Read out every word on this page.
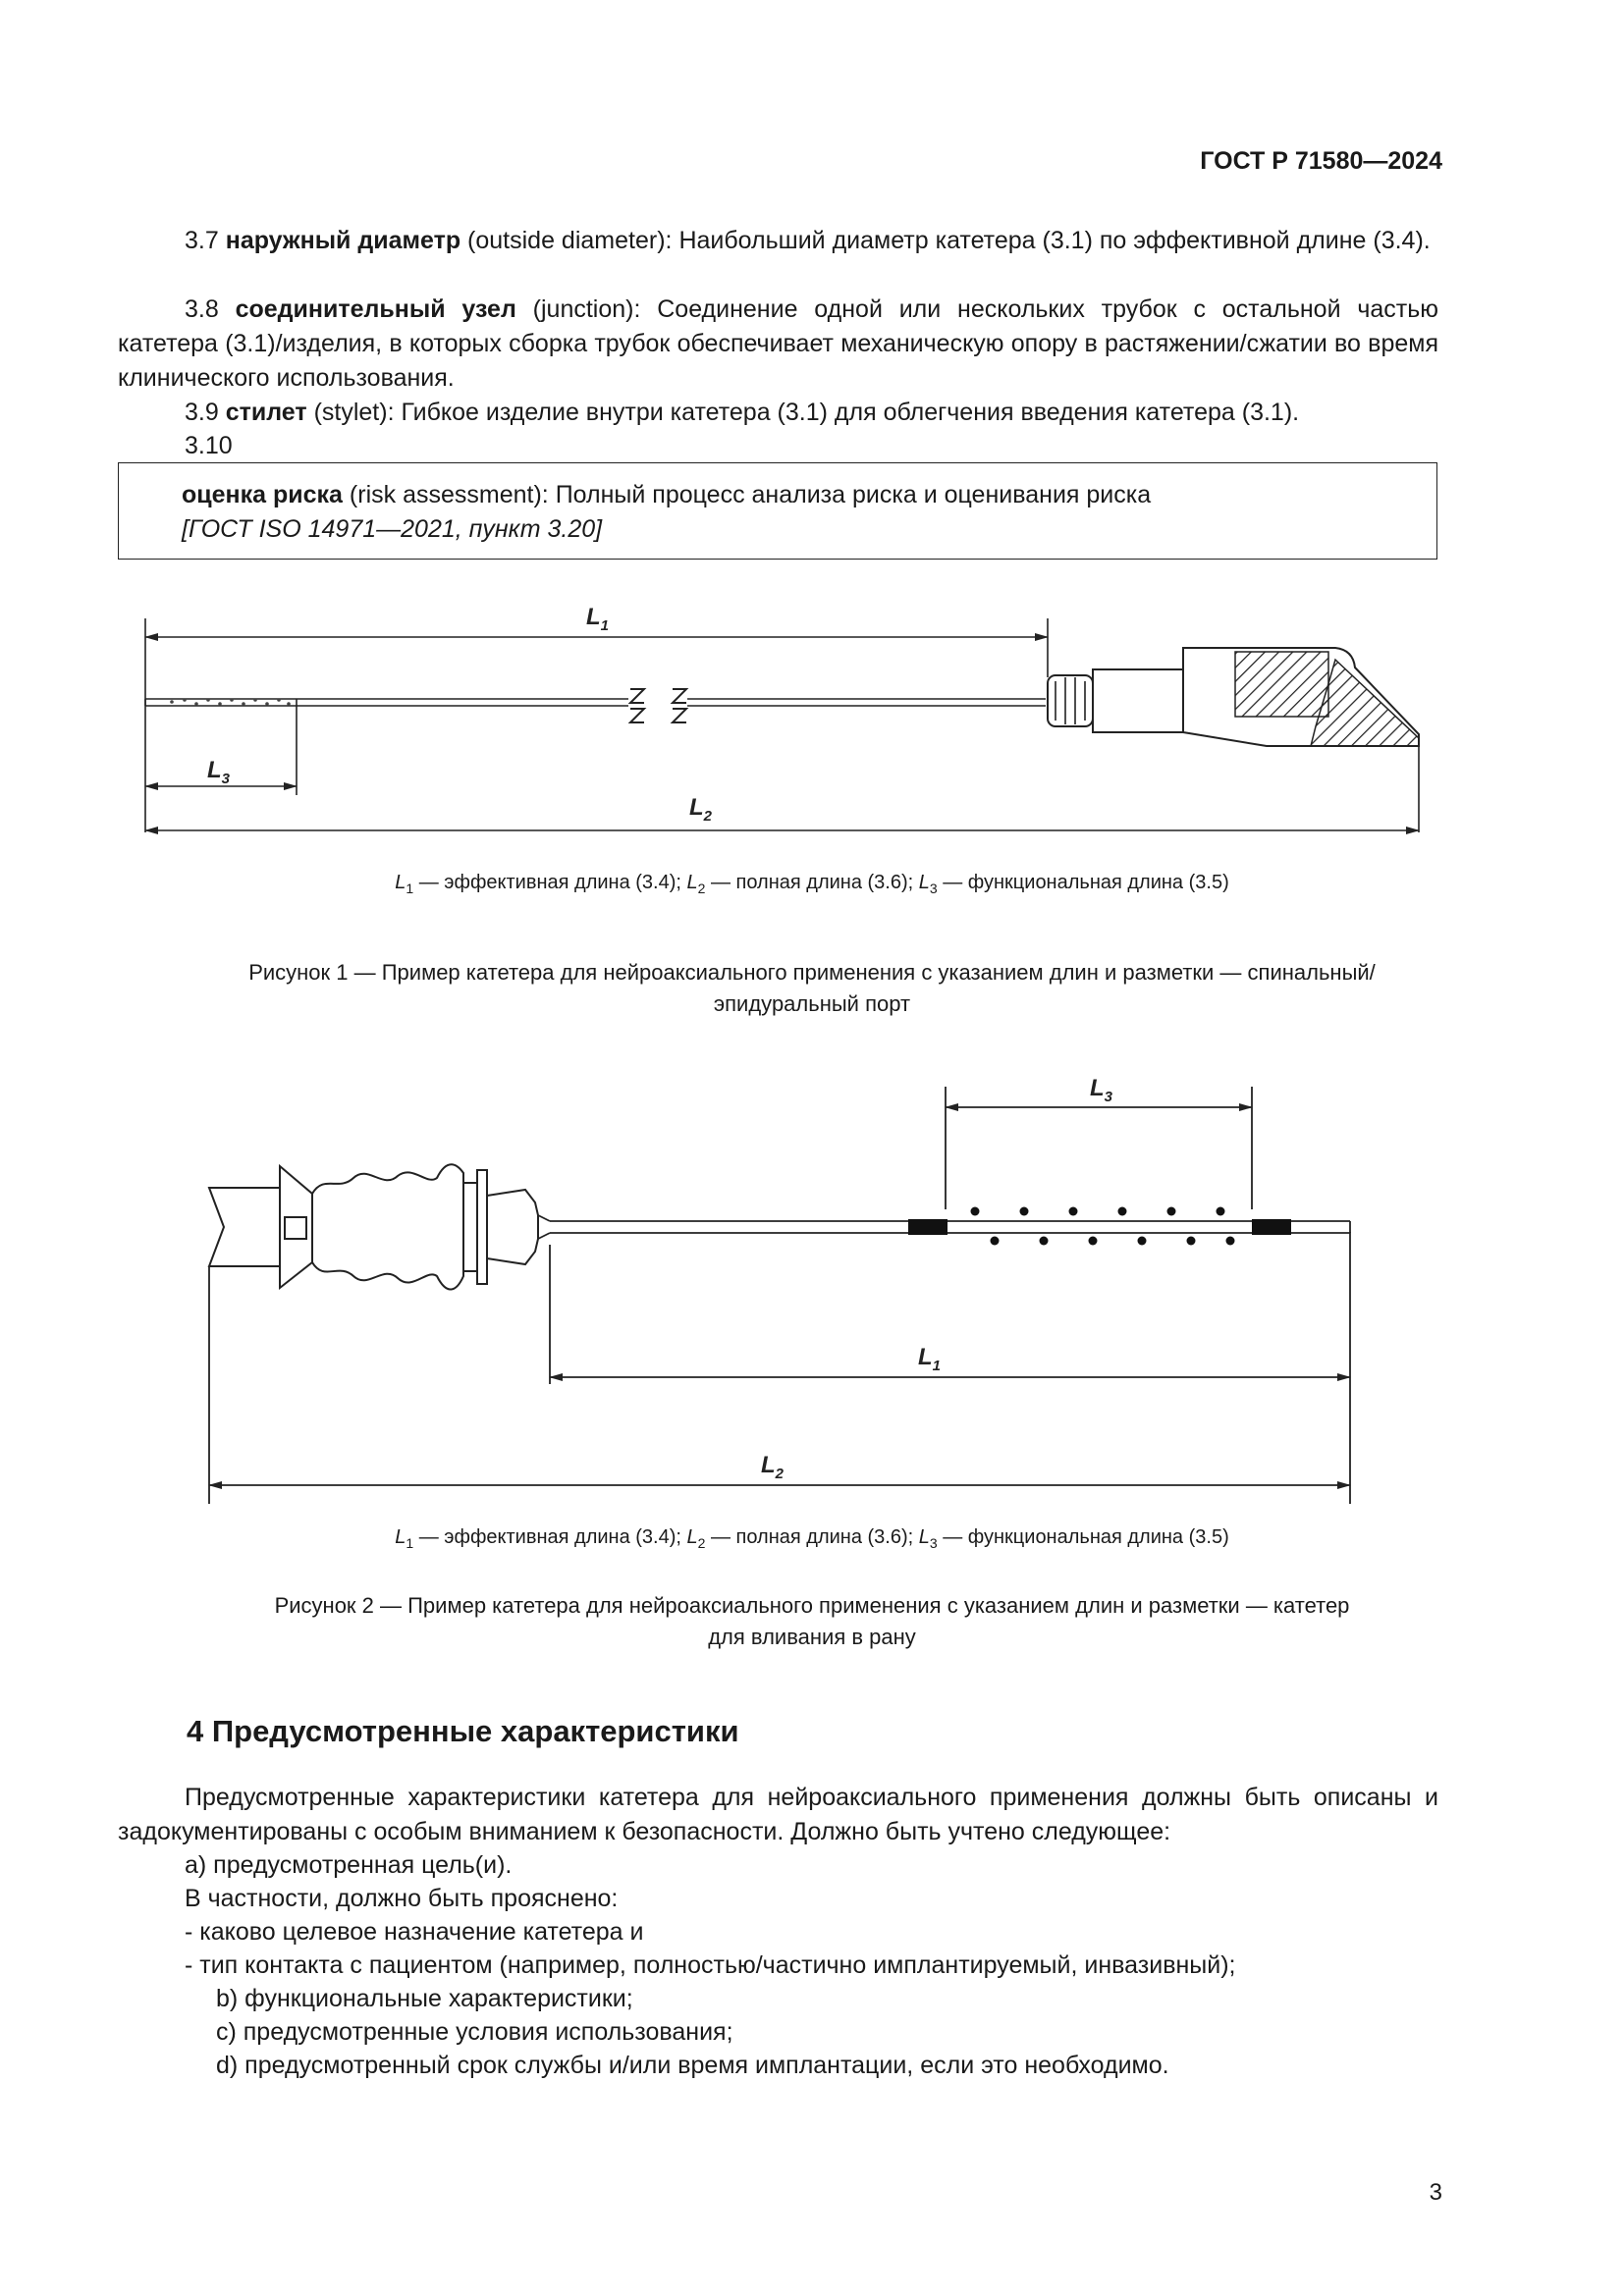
ГОСТ Р 71580—2024
3.7 наружный диаметр (outside diameter): Наибольший диаметр катетера (3.1) по эффективной длине (3.4).
3.8 соединительный узел (junction): Соединение одной или нескольких трубок с остальной частью катетера (3.1)/изделия, в которых сборка трубок обеспечивает механическую опору в растяжении/сжатии во время клинического использования.
3.9 стилет (stylet): Гибкое изделие внутри катетера (3.1) для облегчения введения катетера (3.1).
3.10
оценка риска (risk assessment): Полный процесс анализа риска и оценивания риска
[ГОСТ ISO 14971—2021, пункт 3.20]
$L_1$
$L_3$
$L_2$
$L_1$ — эффективная длина (3.4); $L_2$ — полная длина (3.6); $L_3$ — функциональная длина (3.5)
Рисунок 1 — Пример катетера для нейроаксиального применения с указанием длин и разметки — спинальный/
эпидуральный порт
$L_3$
$L_1$
$L_2$
$L_1$ — эффективная длина (3.4); $L_2$ — полная длина (3.6); $L_3$ — функциональная длина (3.5)
Рисунок 2 — Пример катетера для нейроаксиального применения с указанием длин и разметки — катетер
для вливания в рану
4 Предусмотренные характеристики
Предусмотренные характеристики катетера для нейроаксиального применения должны быть описаны и задокументированы с особым вниманием к безопасности. Должно быть учтено следующее:
a) предусмотренная цель(и).
В частности, должно быть прояснено:
- каково целевое назначение катетера и
- тип контакта с пациентом (например, полностью/частично имплантируемый, инвазивный);
b) функциональные характеристики;
c) предусмотренные условия использования;
d) предусмотренный срок службы и/или время имплантации, если это необходимо.
3
